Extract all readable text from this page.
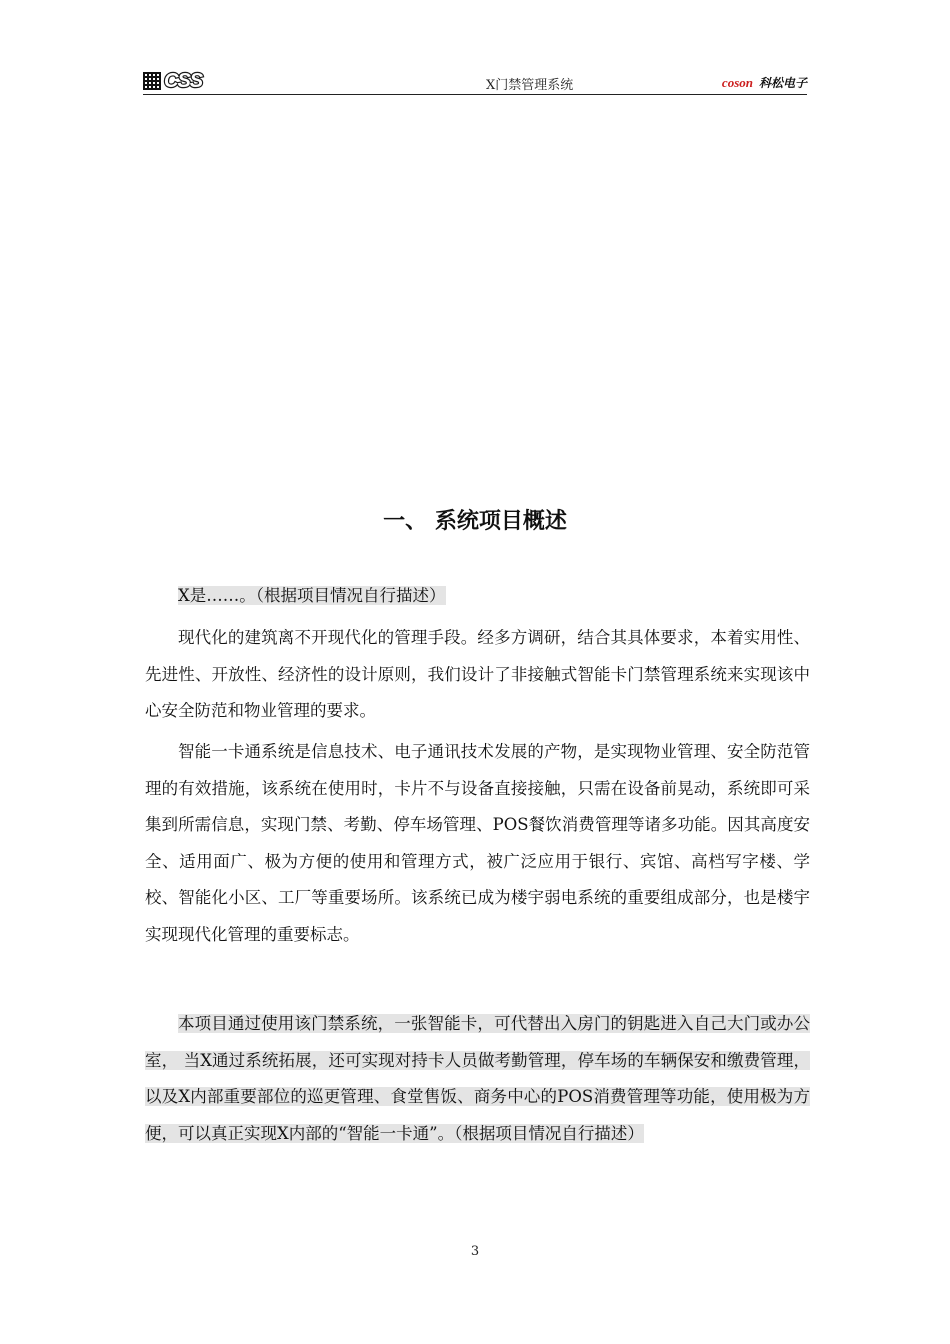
CSS	X门禁管理系统	coson 科松电子
一、 系统项目概述

X是……。（根据项目情况自行描述）

现代化的建筑离不开现代化的管理手段。经多方调研，结合其具体要求，本着实用性、先进性、开放性、经济性的设计原则，我们设计了非接触式智能卡门禁管理系统来实现该中心安全防范和物业管理的要求。

智能一卡通系统是信息技术、电子通讯技术发展的产物，是实现物业管理、安全防范管理的有效措施，该系统在使用时，卡片不与设备直接接触，只需在设备前晃动，系统即可采集到所需信息，实现门禁、考勤、停车场管理、POS餐饮消费管理等诸多功能。因其高度安全、适用面广、极为方便的使用和管理方式，被广泛应用于银行、宾馆、高档写字楼、学校、智能化小区、工厂等重要场所。该系统已成为楼宇弱电系统的重要组成部分，也是楼宇实现现代化管理的重要标志。

本项目通过使用该门禁系统，一张智能卡，可代替出入房门的钥匙进入自己大门或办公室， 当X通过系统拓展，还可实现对持卡人员做考勤管理，停车场的车辆保安和缴费管理，以及X内部重要部位的巡更管理、食堂售饭、商务中心的POS消费管理等功能，使用极为方便，可以真正实现X内部的“智能一卡通”。（根据项目情况自行描述）

3
